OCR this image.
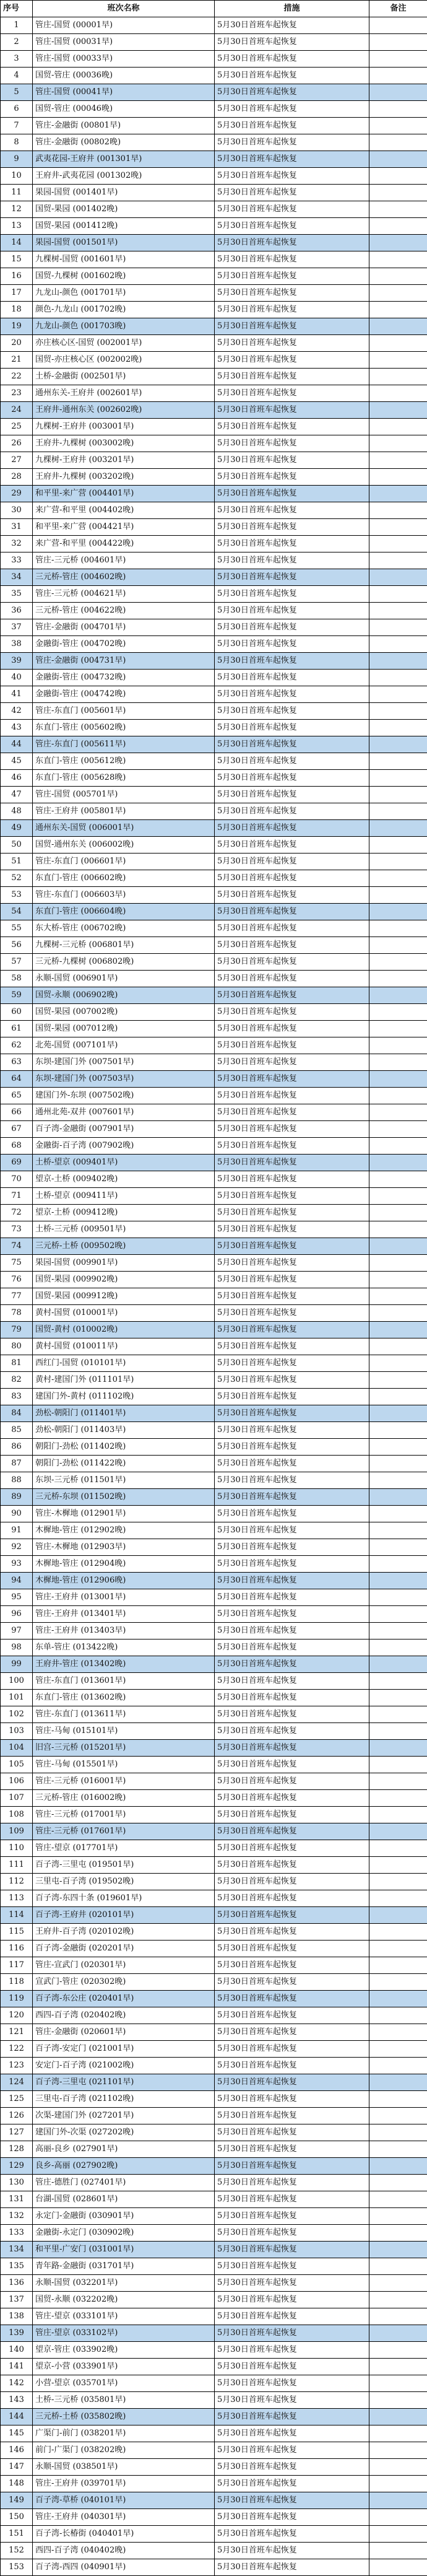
序号	班次名称	措施	备注
1	管庄-国贸 (00001早)	5月30日首班车起恢复	
2	管庄-国贸 (00031早)	5月30日首班车起恢复	
3	管庄-国贸 (00033早)	5月30日首班车起恢复	
4	国贸-管庄 (00036晚)	5月30日首班车起恢复	
5	管庄-国贸 (00041早)	5月30日首班车起恢复	
6	国贸-管庄 (00046晚)	5月30日首班车起恢复	
7	管庄-金融街 (00801早)	5月30日首班车起恢复	
8	管庄-金融街 (00802晚)	5月30日首班车起恢复	
9	武夷花园-王府井 (001301早)	5月30日首班车起恢复	
10	王府井-武夷花园 (001302晚)	5月30日首班车起恢复	
11	果园-国贸 (001401早)	5月30日首班车起恢复	
12	国贸-果园 (001402晚)	5月30日首班车起恢复	
13	国贸-果园 (001412晚)	5月30日首班车起恢复	
14	果园-国贸 (001501早)	5月30日首班车起恢复	
15	九棵树-国贸 (001601早)	5月30日首班车起恢复	
16	国贸-九棵树 (001602晚)	5月30日首班车起恢复	
17	九龙山-颜色 (001701早)	5月30日首班车起恢复	
18	颜色-九龙山 (001702晚)	5月30日首班车起恢复	
19	九龙山-颜色 (001703晚)	5月30日首班车起恢复	
20	亦庄核心区-国贸 (002001早)	5月30日首班车起恢复	
21	国贸-亦庄核心区 (002002晚)	5月30日首班车起恢复	
22	土桥-金融街 (002501早)	5月30日首班车起恢复	
23	通州东关-王府井 (002601早)	5月30日首班车起恢复	
24	王府井-通州东关 (002602晚)	5月30日首班车起恢复	
25	九棵树-王府井 (003001早)	5月30日首班车起恢复	
26	王府井-九棵树 (003002晚)	5月30日首班车起恢复	
27	九棵树-王府井 (003201早)	5月30日首班车起恢复	
28	王府井-九棵树 (003202晚)	5月30日首班车起恢复	
29	和平里-来广营 (004401早)	5月30日首班车起恢复	
30	来广营-和平里 (004402晚)	5月30日首班车起恢复	
31	和平里-来广营 (004421早)	5月30日首班车起恢复	
32	来广营-和平里 (004422晚)	5月30日首班车起恢复	
33	管庄-三元桥 (004601早)	5月30日首班车起恢复	
34	三元桥-管庄 (004602晚)	5月30日首班车起恢复	
35	管庄-三元桥 (004621早)	5月30日首班车起恢复	
36	三元桥-管庄 (004622晚)	5月30日首班车起恢复	
37	管庄-金融街 (004701早)	5月30日首班车起恢复	
38	金融街-管庄 (004702晚)	5月30日首班车起恢复	
39	管庄-金融街 (004731早)	5月30日首班车起恢复	
40	金融街-管庄 (004732晚)	5月30日首班车起恢复	
41	金融街-管庄 (004742晚)	5月30日首班车起恢复	
42	管庄-东直门 (005601早)	5月30日首班车起恢复	
43	东直门-管庄 (005602晚)	5月30日首班车起恢复	
44	管庄-东直门 (005611早)	5月30日首班车起恢复	
45	东直门-管庄 (005612晚)	5月30日首班车起恢复	
46	东直门-管庄 (005628晚)	5月30日首班车起恢复	
47	管庄-国贸 (005701早)	5月30日首班车起恢复	
48	管庄-王府井 (005801早)	5月30日首班车起恢复	
49	通州东关-国贸 (006001早)	5月30日首班车起恢复	
50	国贸-通州东关 (006002晚)	5月30日首班车起恢复	
51	管庄-东直门 (006601早)	5月30日首班车起恢复	
52	东直门-管庄 (006602晚)	5月30日首班车起恢复	
53	管庄-东直门 (006603早)	5月30日首班车起恢复	
54	东直门-管庄 (006604晚)	5月30日首班车起恢复	
55	东大桥-管庄 (006702晚)	5月30日首班车起恢复	
56	九棵树-三元桥 (006801早)	5月30日首班车起恢复	
57	三元桥-九棵树 (006802晚)	5月30日首班车起恢复	
58	永顺-国贸 (006901早)	5月30日首班车起恢复	
59	国贸-永顺 (006902晚)	5月30日首班车起恢复	
60	国贸-果园 (007002晚)	5月30日首班车起恢复	
61	国贸-果园 (007012晚)	5月30日首班车起恢复	
62	北苑-国贸 (007101早)	5月30日首班车起恢复	
63	东坝-建国门外 (007501早)	5月30日首班车起恢复	
64	东坝-建国门外 (007503早)	5月30日首班车起恢复	
65	建国门外-东坝 (007502晚)	5月30日首班车起恢复	
66	通州北苑-双井 (007601早)	5月30日首班车起恢复	
67	百子湾-金融街 (007901早)	5月30日首班车起恢复	
68	金融街-百子湾 (007902晚)	5月30日首班车起恢复	
69	土桥-望京 (009401早)	5月30日首班车起恢复	
70	望京-土桥 (009402晚)	5月30日首班车起恢复	
71	土桥-望京 (009411早)	5月30日首班车起恢复	
72	望京-土桥 (009412晚)	5月30日首班车起恢复	
73	土桥-三元桥 (009501早)	5月30日首班车起恢复	
74	三元桥-土桥 (009502晚)	5月30日首班车起恢复	
75	果园-国贸 (009901早)	5月30日首班车起恢复	
76	国贸-果园 (009902晚)	5月30日首班车起恢复	
77	国贸-果园 (009912晚)	5月30日首班车起恢复	
78	黄村-国贸 (010001早)	5月30日首班车起恢复	
79	国贸-黄村 (010002晚)	5月30日首班车起恢复	
80	黄村-国贸 (010011早)	5月30日首班车起恢复	
81	西红门-国贸 (010101早)	5月30日首班车起恢复	
82	黄村-建国门外 (011101早)	5月30日首班车起恢复	
83	建国门外-黄村 (011102晚)	5月30日首班车起恢复	
84	劲松-朝阳门 (011401早)	5月30日首班车起恢复	
85	劲松-朝阳门 (011403早)	5月30日首班车起恢复	
86	朝阳门-劲松 (011402晚)	5月30日首班车起恢复	
87	朝阳门-劲松 (011422晚)	5月30日首班车起恢复	
88	东坝-三元桥 (011501早)	5月30日首班车起恢复	
89	三元桥-东坝 (011502晚)	5月30日首班车起恢复	
90	管庄-木樨地 (012901早)	5月30日首班车起恢复	
91	木樨地-管庄 (012902晚)	5月30日首班车起恢复	
92	管庄-木樨地 (012903早)	5月30日首班车起恢复	
93	木樨地-管庄 (012904晚)	5月30日首班车起恢复	
94	木樨地-管庄 (012906晚)	5月30日首班车起恢复	
95	管庄-王府井 (013001早)	5月30日首班车起恢复	
96	管庄-王府井 (013401早)	5月30日首班车起恢复	
97	管庄-王府井 (013403早)	5月30日首班车起恢复	
98	东单-管庄 (013422晚)	5月30日首班车起恢复	
99	王府井-管庄 (013402晚)	5月30日首班车起恢复	
100	管庄-东直门 (013601早)	5月30日首班车起恢复	
101	东直门-管庄 (013602晚)	5月30日首班车起恢复	
102	管庄-东直门 (013611早)	5月30日首班车起恢复	
103	管庄-马甸 (015101早)	5月30日首班车起恢复	
104	旧宫-三元桥 (015201早)	5月30日首班车起恢复	
105	管庄-马甸 (015501早)	5月30日首班车起恢复	
106	管庄-三元桥 (016001早)	5月30日首班车起恢复	
107	三元桥-管庄 (016002晚)	5月30日首班车起恢复	
108	管庄-三元桥 (017001早)	5月30日首班车起恢复	
109	管庄-三元桥 (017601早)	5月30日首班车起恢复	
110	管庄-望京 (017701早)	5月30日首班车起恢复	
111	百子湾-三里屯 (019501早)	5月30日首班车起恢复	
112	三里屯-百子湾 (019502晚)	5月30日首班车起恢复	
113	百子湾-东四十条 (019601早)	5月30日首班车起恢复	
114	百子湾-王府井 (020101早)	5月30日首班车起恢复	
115	王府井-百子湾 (020102晚)	5月30日首班车起恢复	
116	百子湾-金融街 (020201早)	5月30日首班车起恢复	
117	管庄-宣武门 (020301早)	5月30日首班车起恢复	
118	宣武门-管庄 (020302晚)	5月30日首班车起恢复	
119	百子湾-东公庄 (020401早)	5月30日首班车起恢复	
120	西四-百子湾 (020402晚)	5月30日首班车起恢复	
121	管庄-金融街 (020601早)	5月30日首班车起恢复	
122	百子湾-安定门 (021001早)	5月30日首班车起恢复	
123	安定门-百子湾 (021002晚)	5月30日首班车起恢复	
124	百子湾-三里屯 (021101早)	5月30日首班车起恢复	
125	三里屯-百子湾 (021102晚)	5月30日首班车起恢复	
126	次渠-建国门外 (027201早)	5月30日首班车起恢复	
127	建国门外-次渠 (027202晚)	5月30日首班车起恢复	
128	高丽-良乡 (027901早)	5月30日首班车起恢复	
129	良乡-高丽 (027902晚)	5月30日首班车起恢复	
130	管庄-德胜门 (027401早)	5月30日首班车起恢复	
131	台湖-国贸 (028601早)	5月30日首班车起恢复	
132	永定门-金融街 (030901早)	5月30日首班车起恢复	
133	金融街-永定门 (030902晚)	5月30日首班车起恢复	
134	和平里-广安门 (031001早)	5月30日首班车起恢复	
135	青年路-金融街 (031701早)	5月30日首班车起恢复	
136	永顺-国贸 (032201早)	5月30日首班车起恢复	
137	国贸-永顺 (032202晚)	5月30日首班车起恢复	
138	管庄-望京 (033101早)	5月30日首班车起恢复	
139	管庄-望京 (033102早)	5月30日首班车起恢复	
140	望京-管庄 (033902晚)	5月30日首班车起恢复	
141	望京-小营 (033901早)	5月30日首班车起恢复	
142	小营-望京 (035701早)	5月30日首班车起恢复	
143	土桥-三元桥 (035801早)	5月30日首班车起恢复	
144	三元桥-土桥 (035802晚)	5月30日首班车起恢复	
145	广渠门-前门 (038201早)	5月30日首班车起恢复	
146	前门-广渠门 (038202晚)	5月30日首班车起恢复	
147	永顺-国贸 (038501早)	5月30日首班车起恢复	
148	管庄-王府井 (039701早)	5月30日首班车起恢复	
149	百子湾-草桥 (040101早)	5月30日首班车起恢复	
150	管庄-王府井 (040301早)	5月30日首班车起恢复	
151	百子湾-长椿街 (040401早)	5月30日首班车起恢复	
152	西四-百子湾 (040402晚)	5月30日首班车起恢复	
153	百子湾-西四 (040901早)	5月30日首班车起恢复	
